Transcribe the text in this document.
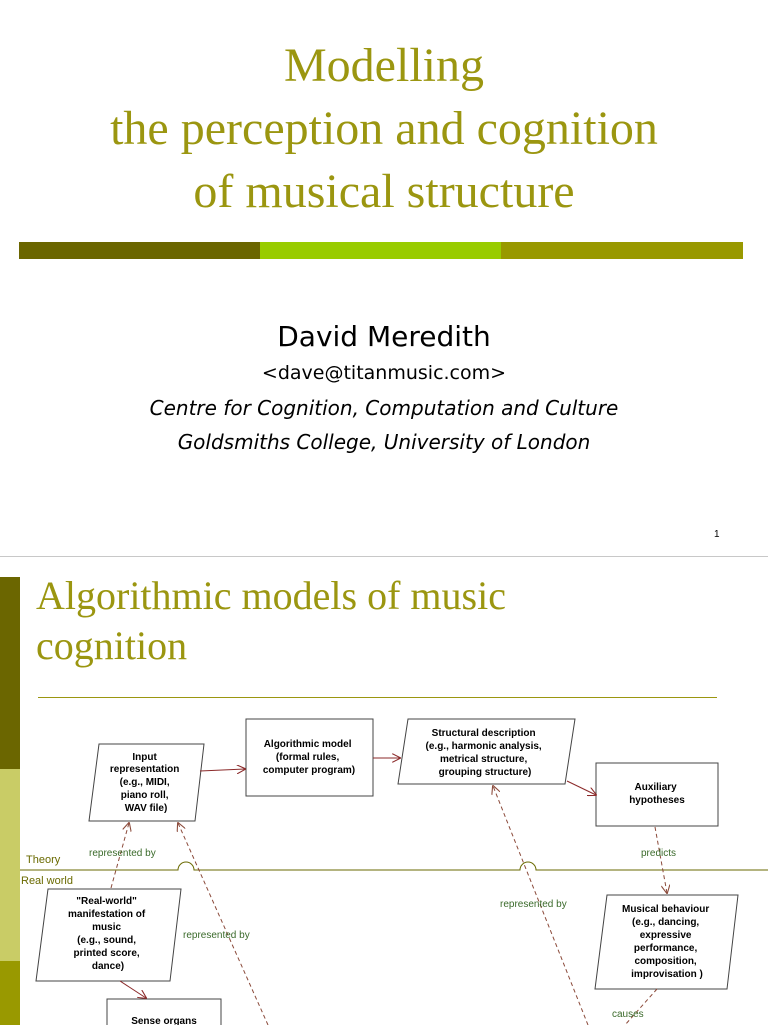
Modelling
the perception and cognition
of musical structure
David Meredith
<dave@titanmusic.com>
Centre for Cognition, Computation and Culture
Goldsmiths College, University of London
1
Algorithmic models of music
cognition
Theory
Real world
Input representation (e.g., MIDI, piano roll, WAV file)
Algorithmic model (formal rules, computer program)
Structural description (e.g., harmonic analysis, metrical structure, grouping structure)
Auxiliary hypotheses
"Real-world" manifestation of music (e.g., sound, printed score, dance)
Musical behaviour (e.g., dancing, expressive performance, composition, improvisation )
Sense organs
represented by
represented by
represented by
predicts
causes
